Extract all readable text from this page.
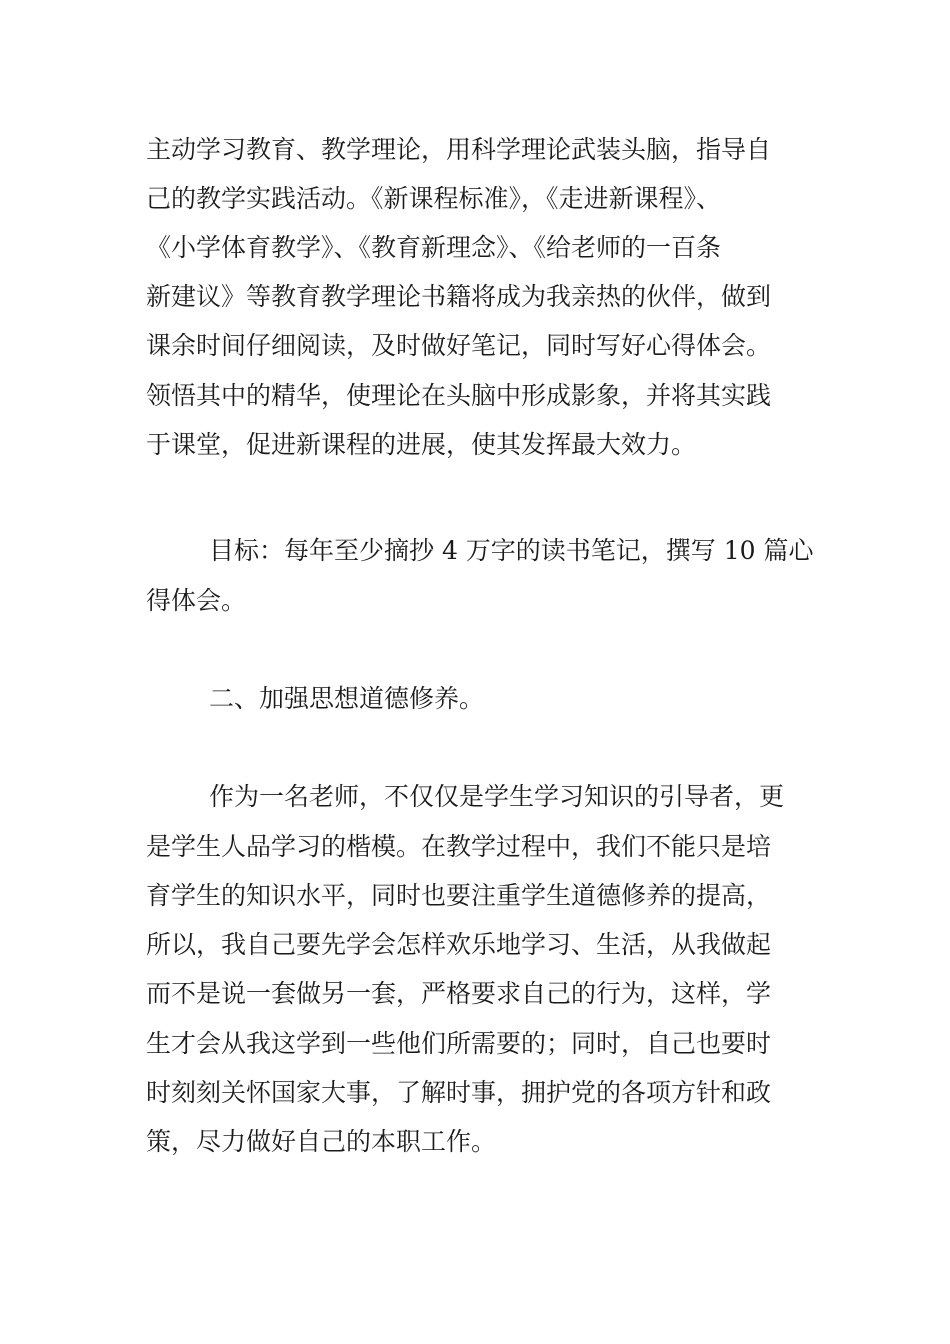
主动学习教育、教学理论，用科学理论武装头脑，指导自
己的教学实践活动。《新课程标准》，《走进新课程》、
《小学体育教学》、《教育新理念》、《给老师的一百条
新建议》等教育教学理论书籍将成为我亲热的伙伴，做到
课余时间仔细阅读，及时做好笔记，同时写好心得体会。
领悟其中的精华，使理论在头脑中形成影象，并将其实践
于课堂，促进新课程的进展，使其发挥最大效力。
目标：每年至少摘抄 4 万字的读书笔记，撰写 10 篇心
得体会。
二、加强思想道德修养。
作为一名老师，不仅仅是学生学习知识的引导者，更
是学生人品学习的楷模。在教学过程中，我们不能只是培
育学生的知识水平，同时也要注重学生道德修养的提高，
所以，我自己要先学会怎样欢乐地学习、生活，从我做起
而不是说一套做另一套，严格要求自己的行为，这样，学
生才会从我这学到一些他们所需要的；同时，自己也要时
时刻刻关怀国家大事，了解时事，拥护党的各项方针和政
策，尽力做好自己的本职工作。
